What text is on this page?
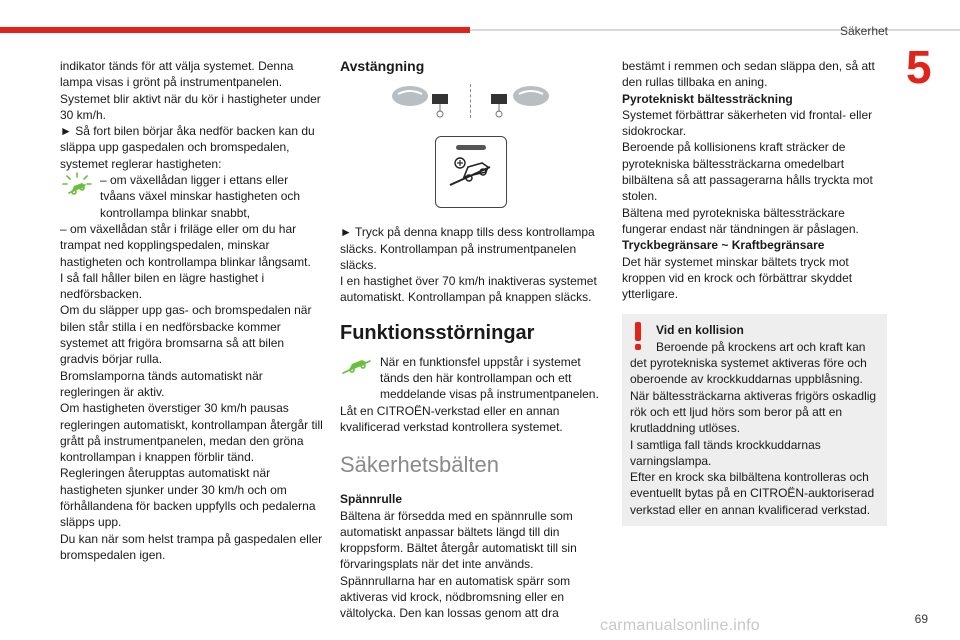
Säkerhet
5

indikator tänds för att välja systemet. Denna lampa visas i grönt på instrumentpanelen.

Systemet blir aktivt när du kör i hastigheter under 30 km/h.

► Så fort bilen börjar åka nedför backen kan du släppa upp gaspedalen och bromspedalen, systemet reglerar hastigheten:

– om växellådan ligger i ettans eller tvåans växel minskar hastigheten och kontrollampa blinkar snabbt,

– om växellådan står i friläge eller om du har trampat ned kopplingspedalen, minskar hastigheten och kontrollampa blinkar långsamt.

I så fall håller bilen en lägre hastighet i nedförsbacken.

Om du släpper upp gas- och bromspedalen när bilen står stilla i en nedförsbacke kommer systemet att frigöra bromsarna så att bilen gradvis börjar rulla.

Bromslamporna tänds automatiskt när regleringen är aktiv.

Om hastigheten överstiger 30 km/h pausas regleringen automatiskt, kontrollampan återgår till grått på instrumentpanelen, medan den gröna kontrollampan i knappen förblir tänd.

Regleringen återupptas automatiskt när hastigheten sjunker under 30 km/h och om förhållandena för backen uppfylls och pedalerna släpps upp.

Du kan när som helst trampa på gaspedalen eller bromspedalen igen.

Avstängning

► Tryck på denna knapp tills dess kontrollampa släcks. Kontrollampan på instrumentpanelen släcks.

I en hastighet över 70 km/h inaktiveras systemet automatiskt. Kontrollampan på knappen släcks.

Funktionsstörningar

När en funktionsfel uppstår i systemet tänds den här kontrollampan och ett meddelande visas på instrumentpanelen.

Låt en CITROËN-verkstad eller en annan kvalificerad verkstad kontrollera systemet.

Säkerhetsbälten

Spännrulle

Bältena är försedda med en spännrulle som automatiskt anpassar bältets längd till din kroppsform. Bältet återgår automatiskt till sin förvaringsplats när det inte används.

Spännrullarna har en automatisk spärr som aktiveras vid krock, nödbromsning eller en vältolycka. Den kan lossas genom att dra

bestämt i remmen och sedan släppa den, så att den rullas tillbaka en aning.

Pyrotekniskt bältessträckning

Systemet förbättrar säkerheten vid frontal- eller sidokrockar.

Beroende på kollisionens kraft sträcker de pyrotekniska bältessträckarna omedelbart bilbältena så att passagerarna hålls tryckta mot stolen.

Bältena med pyrotekniska bältessträckare fungerar endast när tändningen är påslagen.

Tryckbegränsare ~ Kraftbegränsare

Det här systemet minskar bältets tryck mot kroppen vid en krock och förbättrar skyddet ytterligare.

Vid en kollision

Beroende på krockens art och kraft kan det pyrotekniska systemet aktiveras före och oberoende av krockkuddarnas uppblåsning.

När bältessträckarna aktiveras frigörs oskadlig rök och ett ljud hörs som beror på att en krutladdning utlöses.

I samtliga fall tänds krockkuddarnas varningslampa.

Efter en krock ska bilbältena kontrolleras och eventuellt bytas på en CITROËN-auktoriserad verkstad eller en annan kvalificerad verkstad.

69
carmanualsonline.info
